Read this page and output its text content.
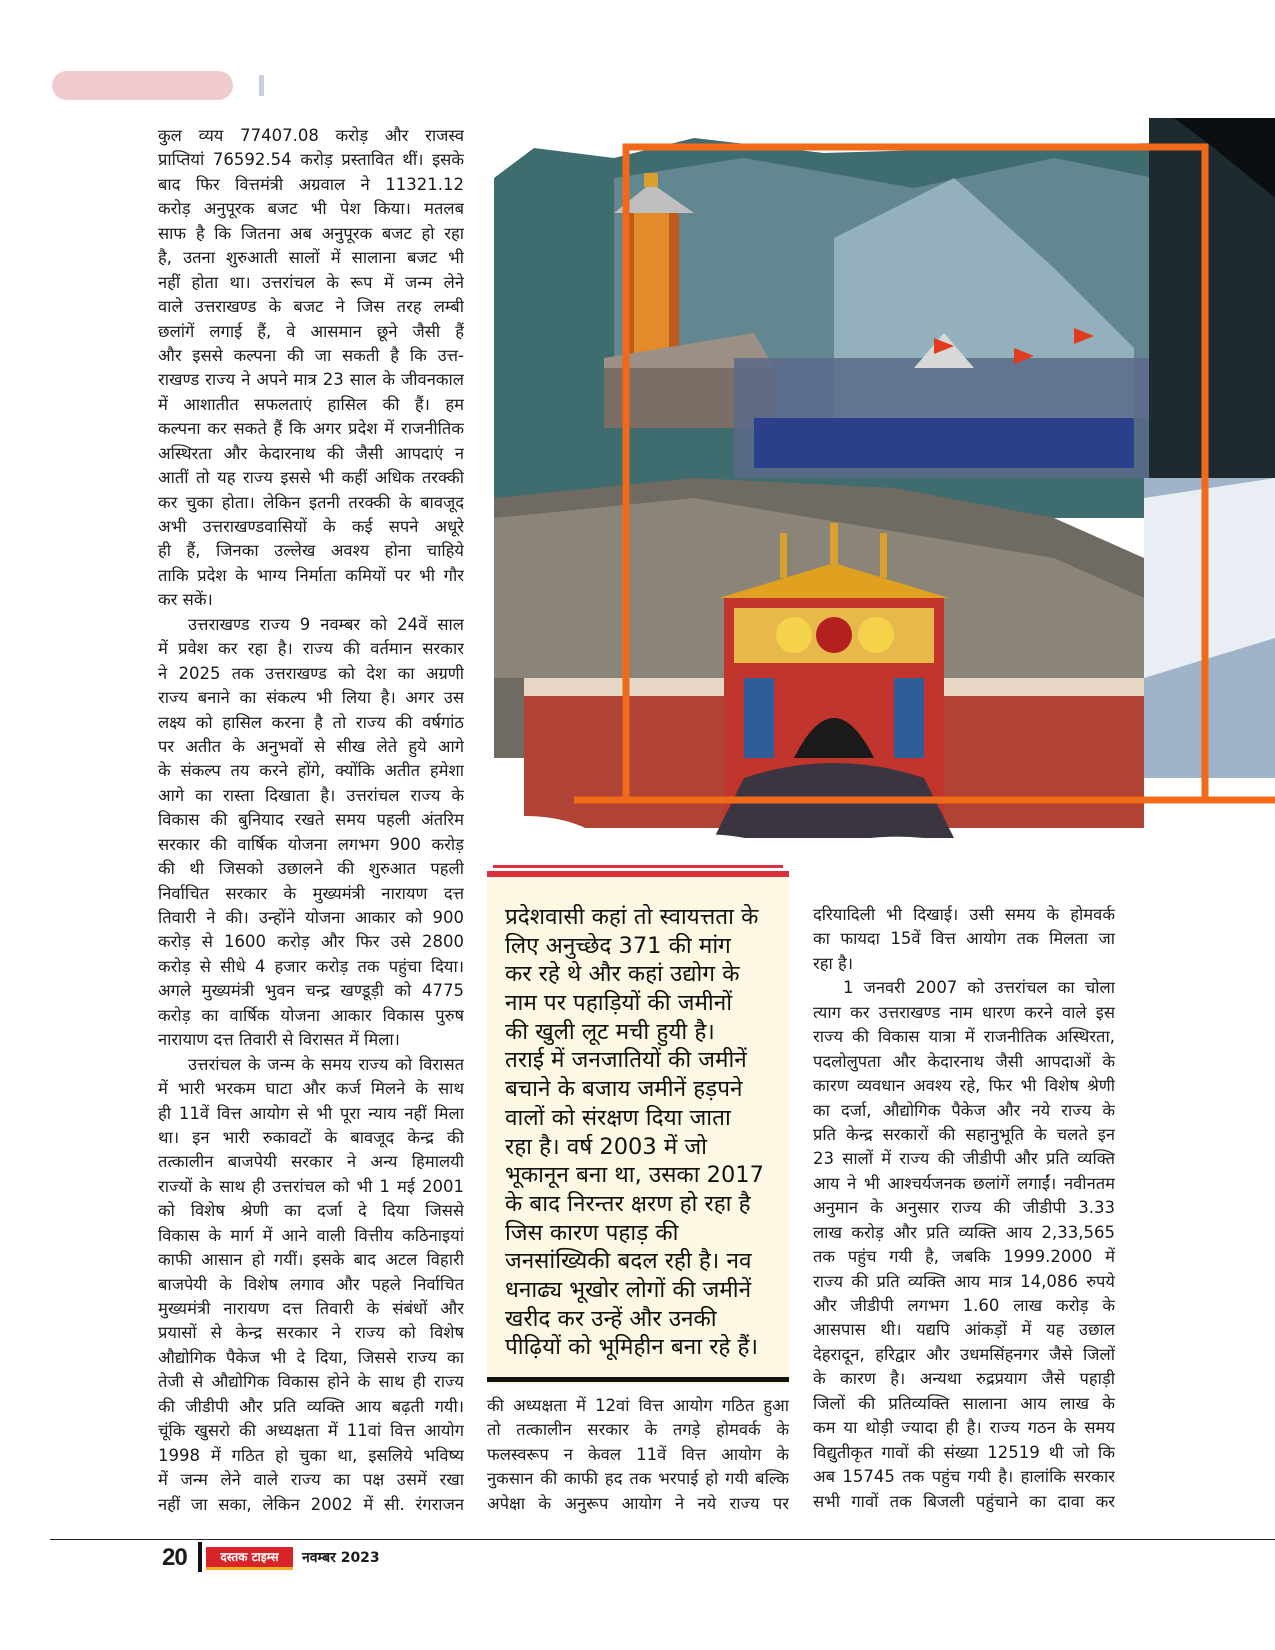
कुल व्यय 77407.08 करोड़ और राजस्व
प्राप्तियां 76592.54 करोड़ प्रस्तावित थीं। इसके
बाद फिर वित्तमंत्री अग्रवाल ने 11321.12
करोड़ अनुपूरक बजट भी पेश किया। मतलब
साफ है कि जितना अब अनुपूरक बजट हो रहा
है, उतना शुरुआती सालों में सालाना बजट भी
नहीं होता था। उत्तरांचल के रूप में जन्म लेने
वाले उत्तराखण्ड के बजट ने जिस तरह लम्बी
छलांगें लगाई हैं, वे आसमान छूने जैसी हैं
और इससे कल्पना की जा सकती है कि उत्त-
राखण्ड राज्य ने अपने मात्र 23 साल के जीवनकाल
में आशातीत सफलताएं हासिल की हैं। हम
कल्पना कर सकते हैं कि अगर प्रदेश में राजनीतिक
अस्थिरता और केदारनाथ की जैसी आपदाएं न
आतीं तो यह राज्य इससे भी कहीं अधिक तरक्की
कर चुका होता। लेकिन इतनी तरक्की के बावजूद
अभी उत्तराखण्डवासियों के कई सपने अधूरे
ही हैं, जिनका उल्लेख अवश्य होना चाहिये
ताकि प्रदेश के भाग्य निर्माता कमियों पर भी गौर
कर सकें।
उत्तराखण्ड राज्य 9 नवम्बर को 24वें साल
में प्रवेश कर रहा है। राज्य की वर्तमान सरकार
ने 2025 तक उत्तराखण्ड को देश का अग्रणी
राज्य बनाने का संकल्प भी लिया है। अगर उस
लक्ष्य को हासिल करना है तो राज्य की वर्षगांठ
पर अतीत के अनुभवों से सीख लेते हुये आगे
के संकल्प तय करने होंगे, क्योंकि अतीत हमेशा
आगे का रास्ता दिखाता है। उत्तरांचल राज्य के
विकास की बुनियाद रखते समय पहली अंतरिम
सरकार की वार्षिक योजना लगभग 900 करोड़
की थी जिसको उछालने की शुरुआत पहली
निर्वाचित सरकार के मुख्यमंत्री नारायण दत्त
तिवारी ने की। उन्होंने योजना आकार को 900
करोड़ से 1600 करोड़ और फिर उसे 2800
करोड़ से सीधे 4 हजार करोड़ तक पहुंचा दिया।
अगले मुख्यमंत्री भुवन चन्द्र खण्डूड़ी को 4775
करोड़ का वार्षिक योजना आकार विकास पुरुष
नारायाण दत्त तिवारी से विरासत में मिला।
उत्तरांचल के जन्म के समय राज्य को विरासत
में भारी भरकम घाटा और कर्ज मिलने के साथ
ही 11वें वित्त आयोग से भी पूरा न्याय नहीं मिला
था। इन भारी रुकावटों के बावजूद केन्द्र की
तत्कालीन बाजपेयी सरकार ने अन्य हिमालयी
राज्यों के साथ ही उत्तरांचल को भी 1 मई 2001
को विशेष श्रेणी का दर्जा दे दिया जिससे
विकास के मार्ग में आने वाली वित्तीय कठिनाइयां
काफी आसान हो गयीं। इसके बाद अटल विहारी
बाजपेयी के विशेष लगाव और पहले निर्वाचित
मुख्यमंत्री नारायण दत्त तिवारी के संबंधों और
प्रयासों से केन्द्र सरकार ने राज्य को विशेष
औद्योगिक पैकेज भी दे दिया, जिससे राज्य का
तेजी से औद्योगिक विकास होने के साथ ही राज्य
की जीडीपी और प्रति व्यक्ति आय बढ़ती गयी।
चूंकि खुसरो की अध्यक्षता में 11वां वित्त आयोग
1998 में गठित हो चुका था, इसलिये भविष्य
में जन्म लेने वाले राज्य का पक्ष उसमें रखा
नहीं जा सका, लेकिन 2002 में सी. रंगराजन
प्रदेशवासी कहां तो स्वायत्तता के
लिए अनुच्छेद 371 की मांग
कर रहे थे और कहां उद्योग के
नाम पर पहाड़ियों की जमीनों
की खुली लूट मची हुयी है।
तराई में जनजातियों की जमीनें
बचाने के बजाय जमीनें हड़पने
वालों को संरक्षण दिया जाता
रहा है। वर्ष 2003 में जो
भूकानून बना था, उसका 2017
के बाद निरन्तर क्षरण हो रहा है
जिस कारण पहाड़ की
जनसांख्यिकी बदल रही है। नव
धनाढ्य भूखोर लोगों की जमीनें
खरीद कर उन्हें और उनकी
पीढ़ियों को भूमिहीन बना रहे हैं।
की अध्यक्षता में 12वां वित्त आयोग गठित हुआ
तो तत्कालीन सरकार के तगड़े होमवर्क के
फलस्वरूप न केवल 11वें वित्त आयोग के
नुकसान की काफी हद तक भरपाई हो गयी बल्कि
अपेक्षा के अनुरूप आयोग ने नये राज्य पर
दरियादिली भी दिखाई। उसी समय के होमवर्क
का फायदा 15वें वित्त आयोग तक मिलता जा
रहा है।
1 जनवरी 2007 को उत्तरांचल का चोला
त्याग कर उत्तराखण्ड नाम धारण करने वाले इस
राज्य की विकास यात्रा में राजनीतिक अस्थिरता,
पदलोलुपता और केदारनाथ जैसी आपदाओं के
कारण व्यवधान अवश्य रहे, फिर भी विशेष श्रेणी
का दर्जा, औद्योगिक पैकेज और नये राज्य के
प्रति केन्द्र सरकारों की सहानुभूति के चलते इन
23 सालों में राज्य की जीडीपी और प्रति व्यक्ति
आय ने भी आश्चर्यजनक छलांगें लगाईं। नवीनतम
अनुमान के अनुसार राज्य की जीडीपी 3.33
लाख करोड़ और प्रति व्यक्ति आय 2,33,565
तक पहुंच गयी है, जबकि 1999.2000 में
राज्य की प्रति व्यक्ति आय मात्र 14,086 रुपये
और जीडीपी लगभग 1.60 लाख करोड़ के
आसपास थी। यद्यपि आंकड़ों में यह उछाल
देहरादून, हरिद्वार और उधमसिंहनगर जैसे जिलों
के कारण है। अन्यथा रुद्रप्रयाग जैसे पहाड़ी
जिलों की प्रतिव्यक्ति सालाना आय लाख के
कम या थोड़ी ज्यादा ही है। राज्य गठन के समय
विद्युतीकृत गावों की संख्या 12519 थी जो कि
अब 15745 तक पहुंच गयी है। हालांकि सरकार
सभी गावों तक बिजली पहुंचाने का दावा कर
20	दस्तक टाइम्स	नवम्बर 2023
